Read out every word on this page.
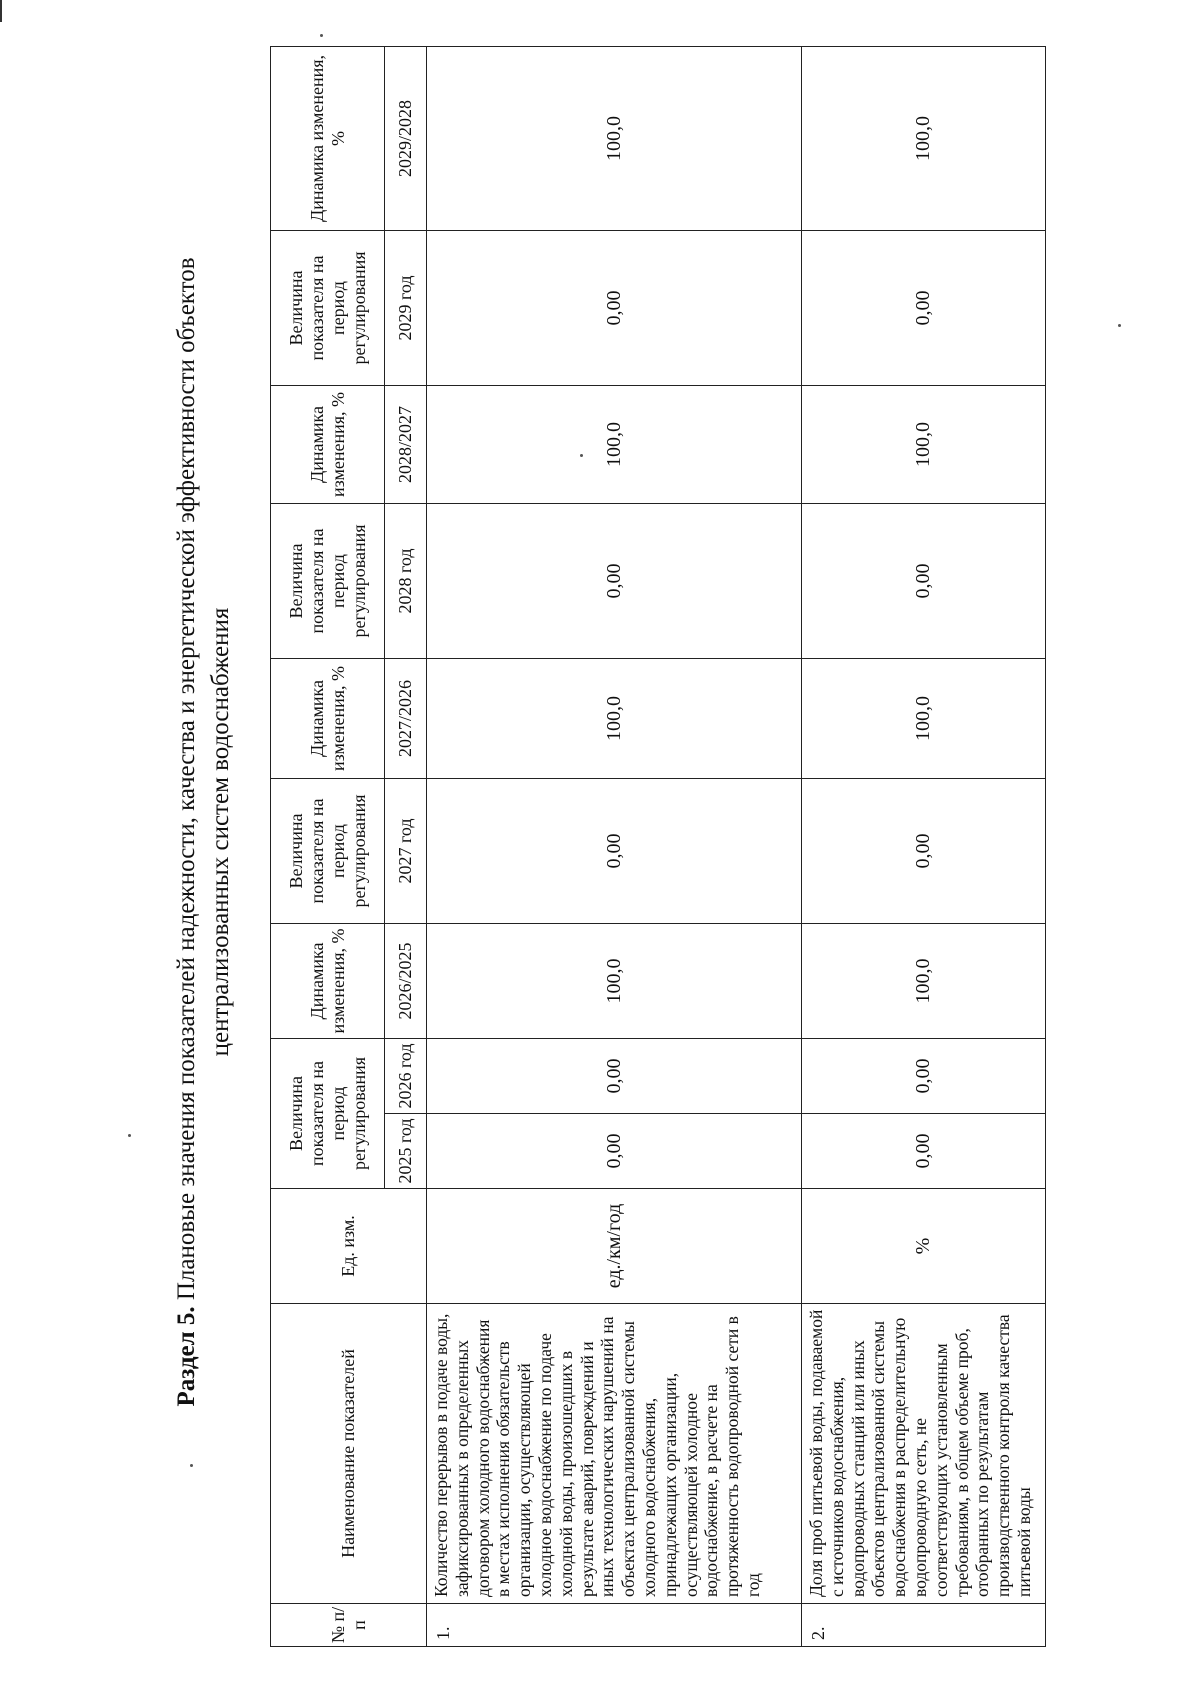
Раздел 5. Плановые значения показателей надежности, качества и энергетической эффективности объектов централизованных систем водоснабжения
№ п/п	Наименование показателей	Ед. изм.	Величина показателя на период регулирования		Динамика изменения, %	Величина показателя на период регулирования	Динамика изменения, %	Величина показателя на период регулирования	Динамика изменения, %	Величина показателя на период регулирования	Динамика изменения, %
			2025 год	2026 год	2026/2025	2027 год	2027/2026	2028 год	2028/2027	2029 год	2029/2028
1.	Количество перерывов в подаче воды, зафиксированных в определенных договором холодного водоснабжения в местах исполнения обязательств организации, осуществляющей холодное водоснабжение по подаче холодной воды, произошедших в результате аварий, повреждений и иных технологических нарушений на объектах централизованной системы холодного водоснабжения, принадлежащих организации, осуществляющей холодное водоснабжение, в расчете на протяженность водопроводной сети в год	ед./км/год	0,00	0,00	100,0	0,00	100,0	0,00	100,0	0,00	100,0
2.	Доля проб питьевой воды, подаваемой с источников водоснабжения, водопроводных станций или иных объектов централизованной системы водоснабжения в распределительную водопроводную сеть, не соответствующих установленным требованиям, в общем объеме проб, отобранных по результатам производственного контроля качества питьевой воды	%	0,00	0,00	100,0	0,00	100,0	0,00	100,0	0,00	100,0
